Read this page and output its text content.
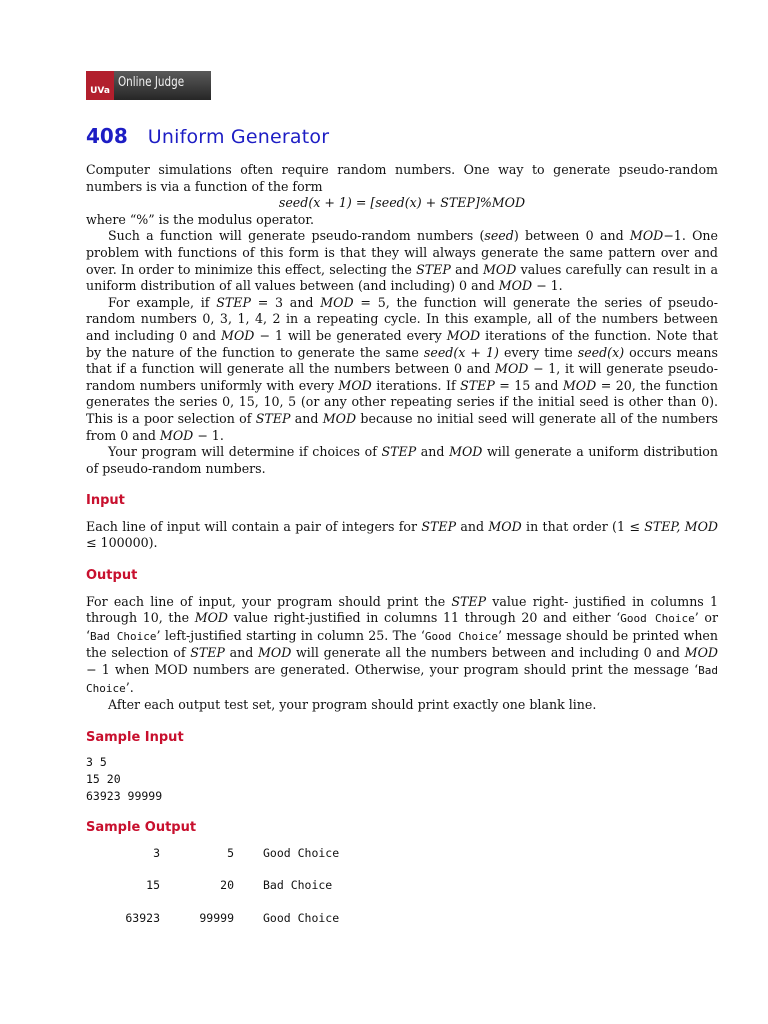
UVa
Online Judge
408 Uniform Generator

Computer simulations often require random numbers. One way to generate pseudo-random numbers is via a function of the form

seed(x + 1) = [seed(x) + STEP]%MOD

where “%” is the modulus operator.

Such a function will generate pseudo-random numbers (seed) between 0 and MOD−1. One problem with functions of this form is that they will always generate the same pattern over and over. In order to minimize this effect, selecting the STEP and MOD values carefully can result in a uniform distribution of all values between (and including) 0 and MOD − 1.

For example, if STEP = 3 and MOD = 5, the function will generate the series of pseudo-random numbers 0, 3, 1, 4, 2 in a repeating cycle. In this example, all of the numbers between and including 0 and MOD − 1 will be generated every MOD iterations of the function. Note that by the nature of the function to generate the same seed(x + 1) every time seed(x) occurs means that if a function will generate all the numbers between 0 and MOD − 1, it will generate pseudo-random numbers uniformly with every MOD iterations. If STEP = 15 and MOD = 20, the function generates the series 0, 15, 10, 5 (or any other repeating series if the initial seed is other than 0). This is a poor selection of STEP and MOD because no initial seed will generate all of the numbers from 0 and MOD − 1.

Your program will determine if choices of STEP and MOD will generate a uniform distribution of pseudo-random numbers.

Input

Each line of input will contain a pair of integers for STEP and MOD in that order (1 ≤ STEP, MOD ≤ 100000).

Output

For each line of input, your program should print the STEP value right- justified in columns 1 through 10, the MOD value right-justified in columns 11 through 20 and either ‘Good Choice’ or ‘Bad Choice’ left-justified starting in column 25. The ‘Good Choice’ message should be printed when the selection of STEP and MOD will generate all the numbers between and including 0 and MOD − 1 when MOD numbers are generated. Otherwise, your program should print the message ‘Bad Choice’.

After each output test set, your program should print exactly one blank line.

Sample Input
3 5
15 20
63923 99999
Sample Output
3	5	Good Choice
15	20	Bad Choice
63923	99999	Good Choice
